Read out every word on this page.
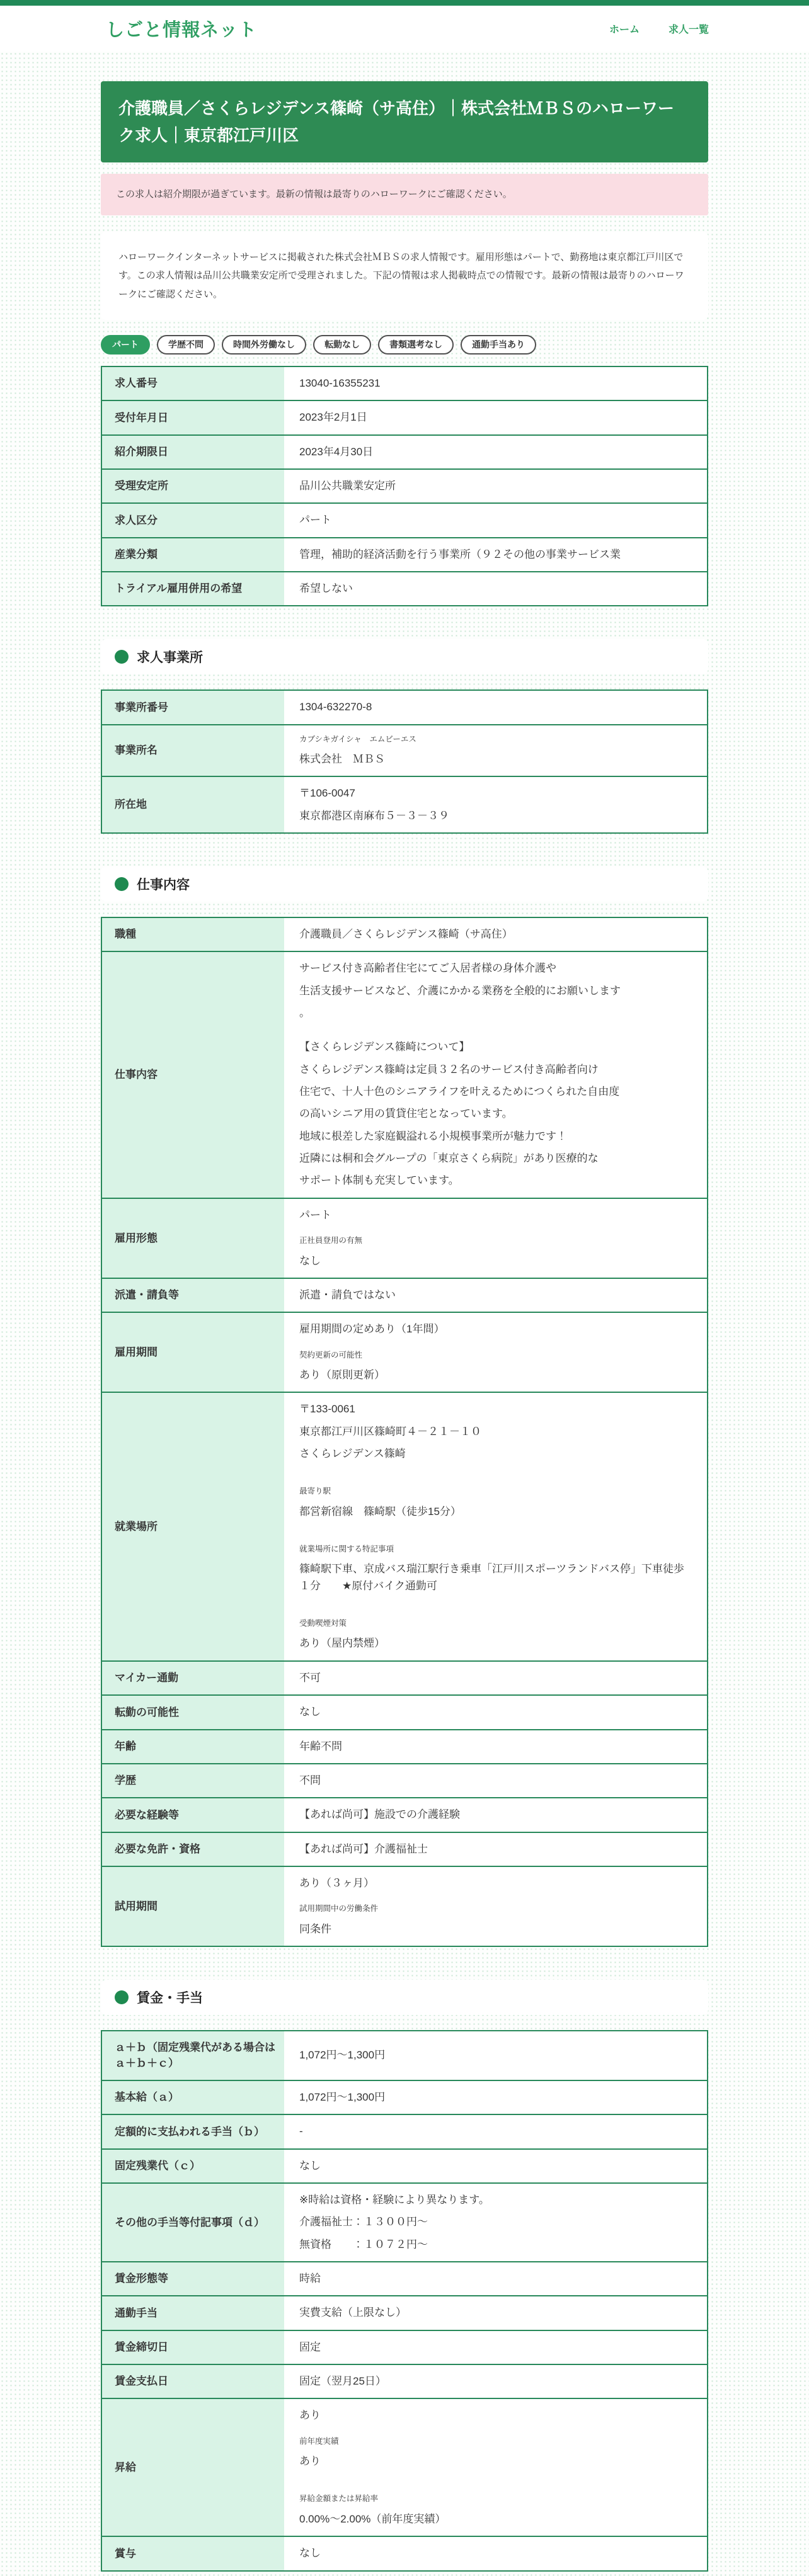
しごと情報ネット	ホーム	求人一覧
介護職員／さくらレジデンス篠崎（サ高住）｜株式会社ＭＢＳのハローワーク求人｜東京都江戸川区
この求人は紹介期限が過ぎています。最新の情報は最寄りのハローワークにご確認ください。
ハローワークインターネットサービスに掲載された株式会社ＭＢＳの求人情報です。雇用形態はパートで、勤務地は東京都江戸川区です。この求人情報は品川公共職業安定所で受理されました。下記の情報は求人掲載時点での情報です。最新の情報は最寄りのハローワークにご確認ください。
パート	学歴不問	時間外労働なし	転勤なし	書類選考なし	通勤手当あり
求人番号	13040-16355231

受付年月日	2023年2月1日

紹介期限日	2023年4月30日

受理安定所	品川公共職業安定所

求人区分	パート

産業分類	管理，補助的経済活動を行う事業所（９２その他の事業サービス業

トライアル雇用併用の希望	希望しない
求人事業所
事業所番号	1304-632270-8

事業所名	カブシキガイシャ　エムビーエス
株式会社　ＭＢＳ

所在地	〒106-0047
東京都港区南麻布５－３－３９
仕事内容
職種	介護職員／さくらレジデンス篠崎（サ高住）

仕事内容	
サービス付き高齢者住宅にてご入居者様の身体介護や
生活支援サービスなど、介護にかかる業務を全般的にお願いします
。
【さくらレジデンス篠崎について】
さくらレジデンス篠崎は定員３２名のサービス付き高齢者向け
住宅で、十人十色のシニアライフを叶えるためにつくられた自由度
の高いシニア用の賃貸住宅となっています。
地域に根差した家庭観溢れる小規模事業所が魅力です！
近隣には桐和会グループの「東京さくら病院」があり医療的な
サポート体制も充実しています。

雇用形態	パート
正社員登用の有無
なし

派遣・請負等	派遣・請負ではない

雇用期間	雇用期間の定めあり（1年間）
契約更新の可能性
あり（原則更新）

就業場所	
〒133-0061
東京都江戸川区篠崎町４－２１－１０
さくらレジデンス篠崎
最寄り駅
都営新宿線　篠崎駅（徒歩15分）
就業場所に関する特記事項
篠崎駅下車、京成バス瑞江駅行き乗車「江戸川スポーツランドバス停」下車徒歩１分　　★原付バイク通勤可
受動喫煙対策
あり（屋内禁煙）

マイカー通勤	不可

転勤の可能性	なし

年齢	年齢不問

学歴	不問

必要な経験等	【あれば尚可】施設での介護経験

必要な免許・資格	【あれば尚可】介護福祉士

試用期間	あり（３ヶ月）
試用期間中の労働条件
同条件
賃金・手当
ａ＋ｂ（固定残業代がある場合はａ＋ｂ＋ｃ）	1,072円～1,300円

基本給（ａ）	1,072円～1,300円

定額的に支払われる手当（ｂ）	-

固定残業代（ｃ）	なし

その他の手当等付記事項（ｄ）	※時給は資格・経験により異なります。
介護福祉士：１３００円～
無資格　　：１０７２円～

賃金形態等	時給

通勤手当	実費支給（上限なし）

賃金締切日	固定

賃金支払日	固定（翌月25日）

昇給	あり
前年度実績
あり
昇給金額または昇給率
0.00%～2.00%（前年度実績）

賞与	なし
